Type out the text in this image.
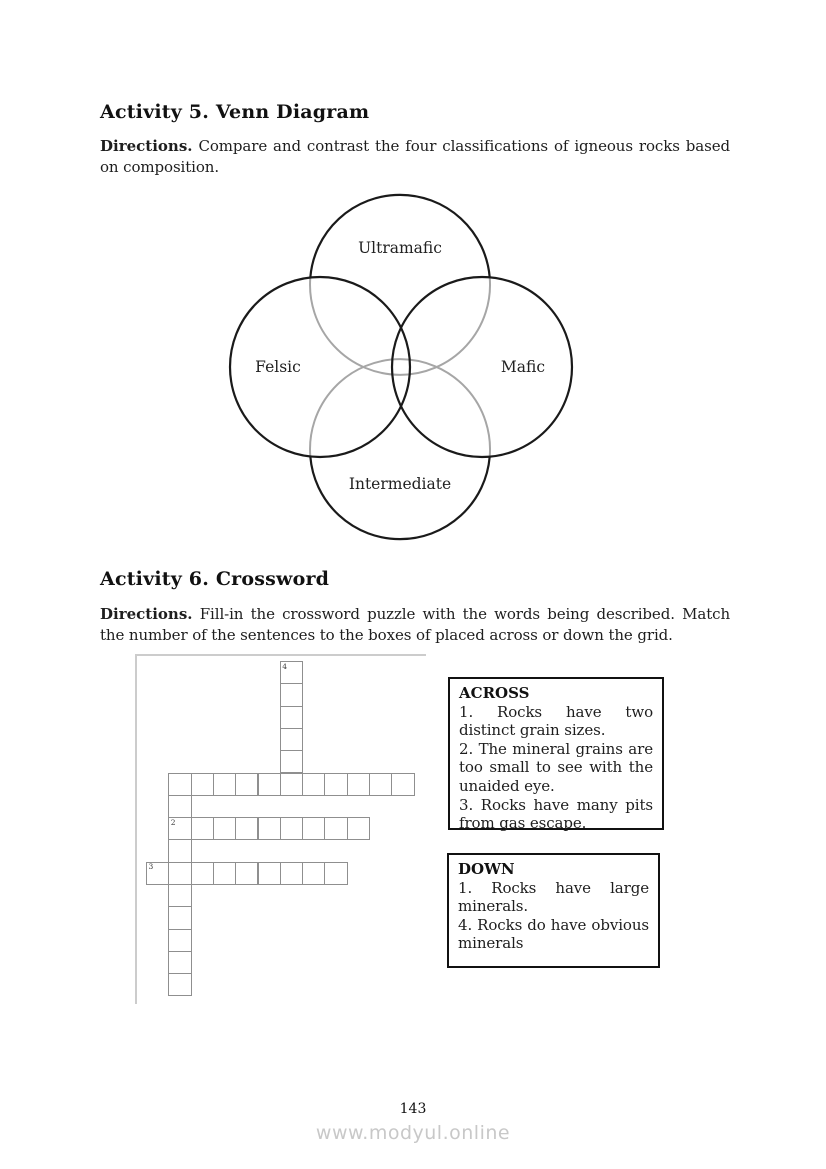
Activity 5. Venn Diagram

Directions. Compare and contrast the four classifications of igneous rocks based on composition.

Ultramafic
Felsic	Mafic
Intermediate
Activity 6. Crossword

Directions. Fill-in the crossword puzzle with the words being described. Match the number of the sentences to the boxes of placed across or down the grid.

4
2
3
ACROSS

1. Rocks have two distinct grain sizes.

2. The mineral grains are too small to see with the unaided eye.

3. Rocks have many pits from gas escape.

DOWN

1. Rocks have large minerals.

4. Rocks do have obvious minerals

143
www.modyul.online
